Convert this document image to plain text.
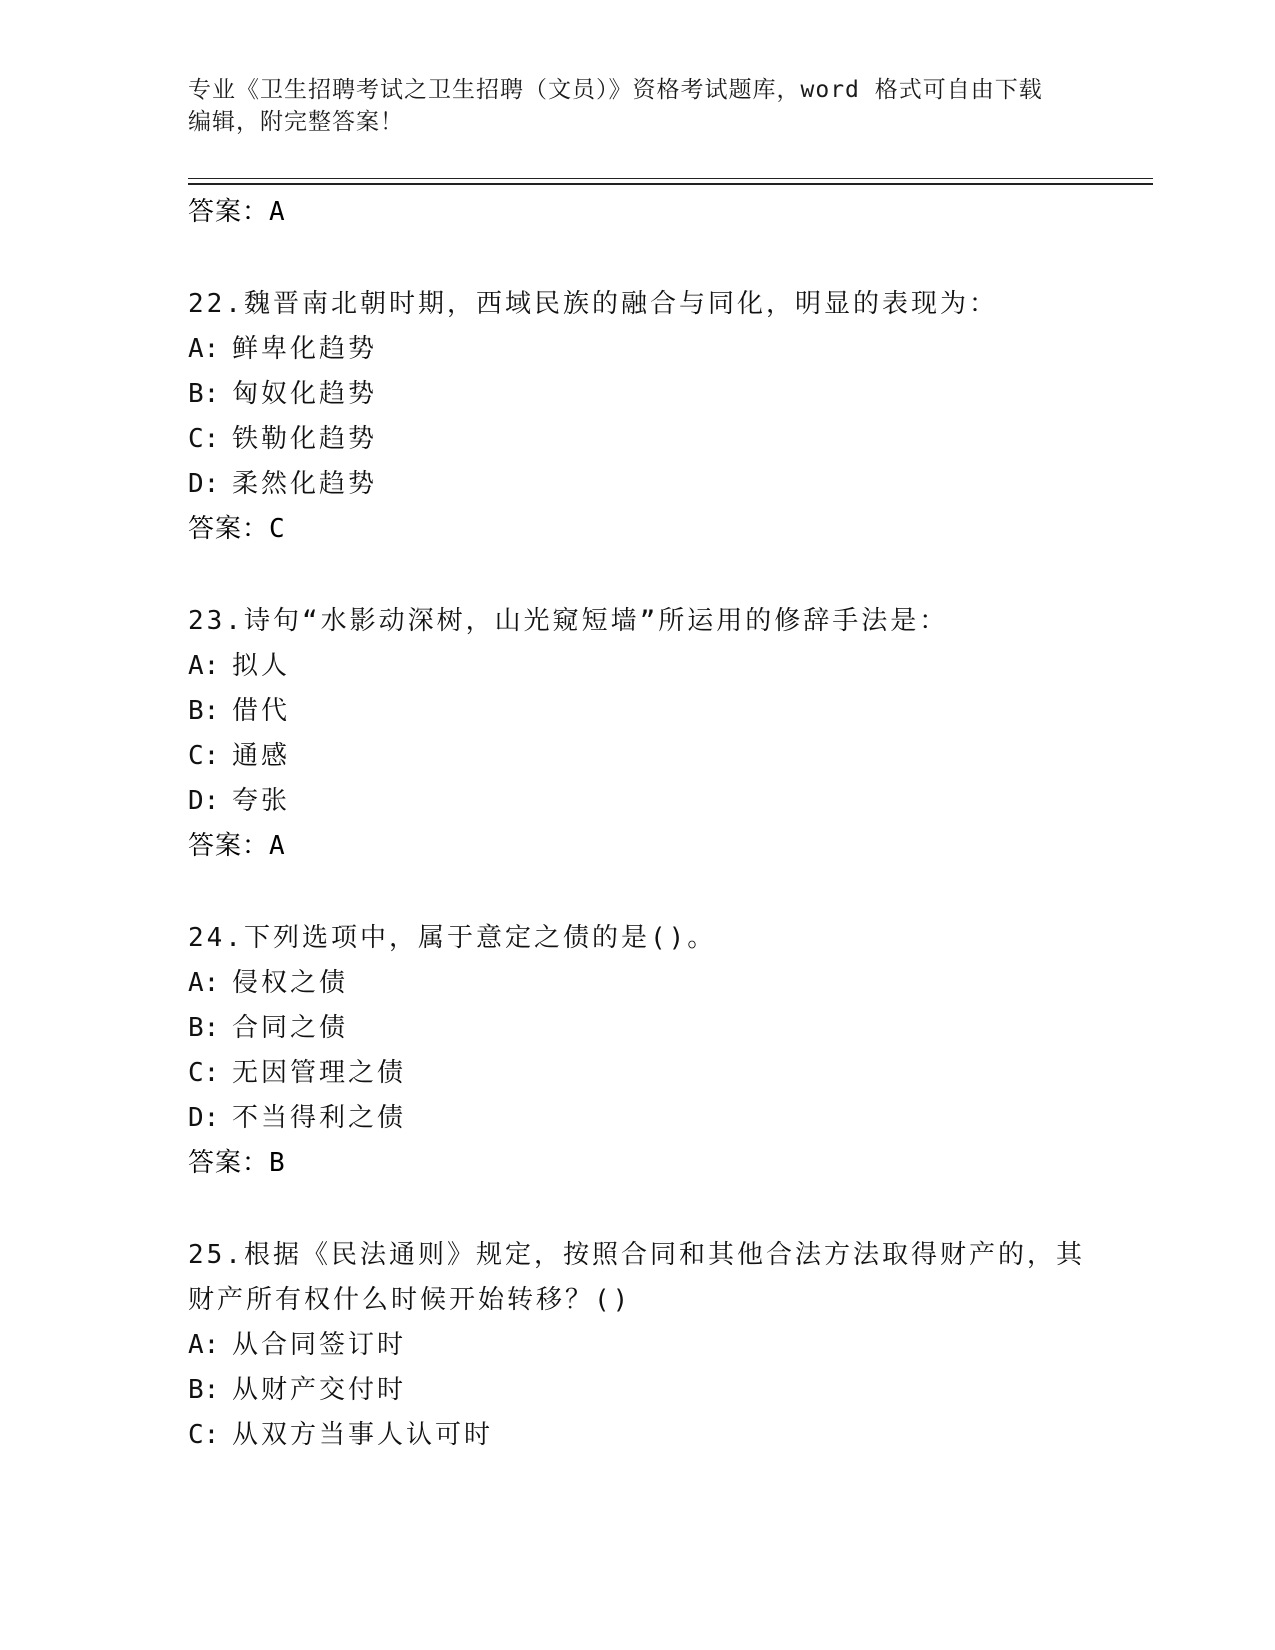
专业《卫生招聘考试之卫生招聘（文员）》资格考试题库，word 格式可自由下载
编辑，附完整答案！
答案：A
22.魏晋南北朝时期，西域民族的融合与同化，明显的表现为：
A: 鲜卑化趋势
B: 匈奴化趋势
C: 铁勒化趋势
D: 柔然化趋势
答案：C
23.诗句“水影动深树，山光窥短墙”所运用的修辞手法是：
A: 拟人
B: 借代
C: 通感
D: 夸张
答案：A
24.下列选项中，属于意定之债的是()。
A: 侵权之债
B: 合同之债
C: 无因管理之债
D: 不当得利之债
答案：B
25.根据《民法通则》规定，按照合同和其他合法方法取得财产的，其
财产所有权什么时候开始转移？()
A: 从合同签订时
B: 从财产交付时
C: 从双方当事人认可时
